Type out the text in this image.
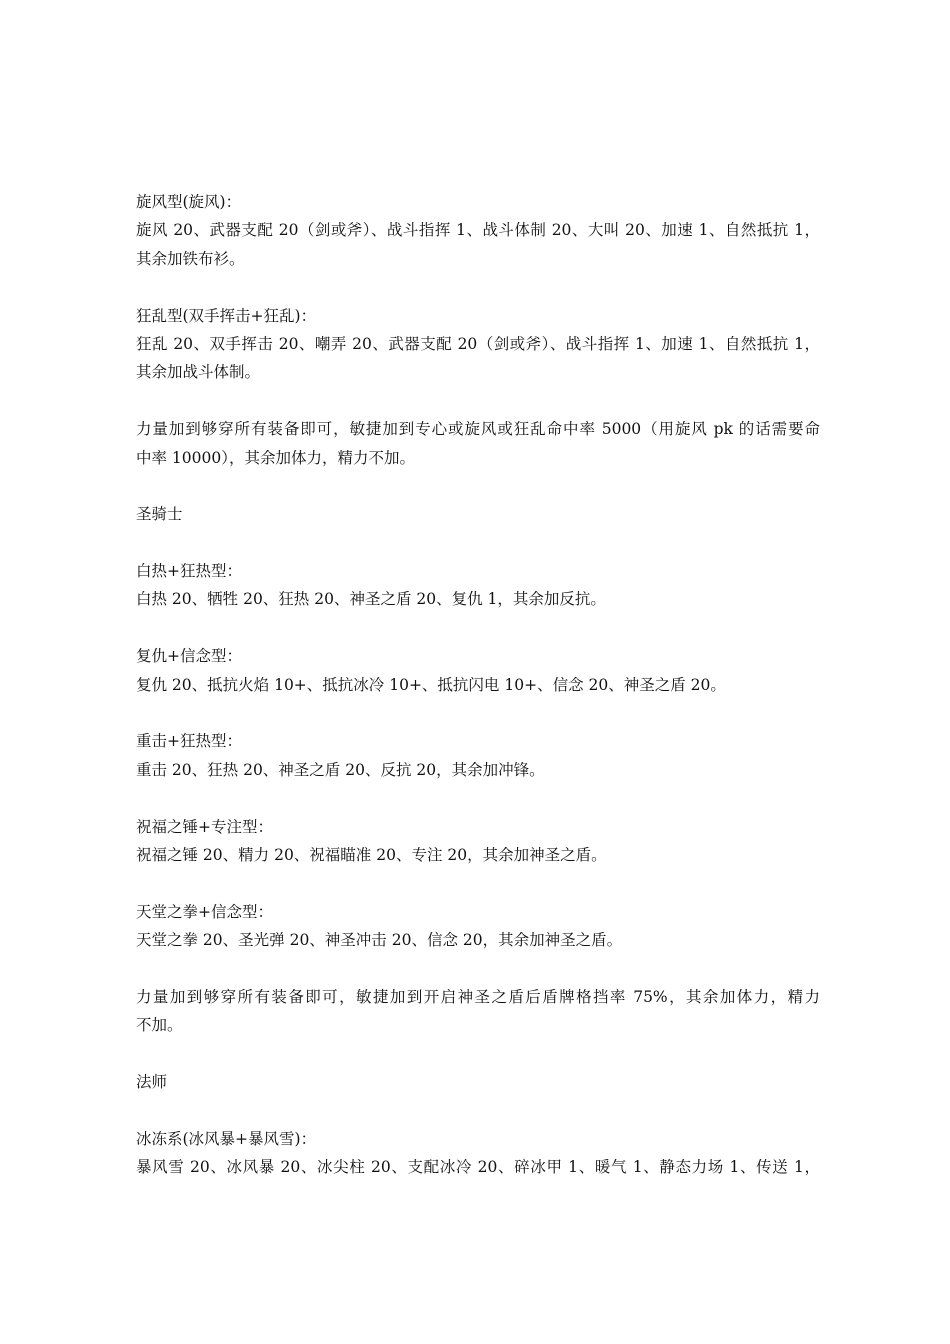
旋风型(旋风)：
旋风 20、武器支配 20（剑或斧）、战斗指挥 1、战斗体制 20、大叫 20、加速 1、自然抵抗 1，
其余加铁布衫。
狂乱型(双手挥击+狂乱)：
狂乱 20、双手挥击 20、嘲弄 20、武器支配 20（剑或斧）、战斗指挥 1、加速 1、自然抵抗 1，
其余加战斗体制。
力量加到够穿所有装备即可，敏捷加到专心或旋风或狂乱命中率 5000（用旋风 pk 的话需要命
中率 10000），其余加体力，精力不加。
圣骑士
白热+狂热型：
白热 20、牺牲 20、狂热 20、神圣之盾 20、复仇 1，其余加反抗。
复仇+信念型：
复仇 20、抵抗火焰 10+、抵抗冰冷 10+、抵抗闪电 10+、信念 20、神圣之盾 20。
重击+狂热型：
重击 20、狂热 20、神圣之盾 20、反抗 20，其余加冲锋。
祝福之锤+专注型：
祝福之锤 20、精力 20、祝福瞄准 20、专注 20，其余加神圣之盾。
天堂之拳+信念型：
天堂之拳 20、圣光弹 20、神圣冲击 20、信念 20，其余加神圣之盾。
力量加到够穿所有装备即可，敏捷加到开启神圣之盾后盾牌格挡率 75%，其余加体力，精力
不加。
法师
冰冻系(冰风暴+暴风雪)：
暴风雪 20、冰风暴 20、冰尖柱 20、支配冰冷 20、碎冰甲 1、暖气 1、静态力场 1、传送 1，
